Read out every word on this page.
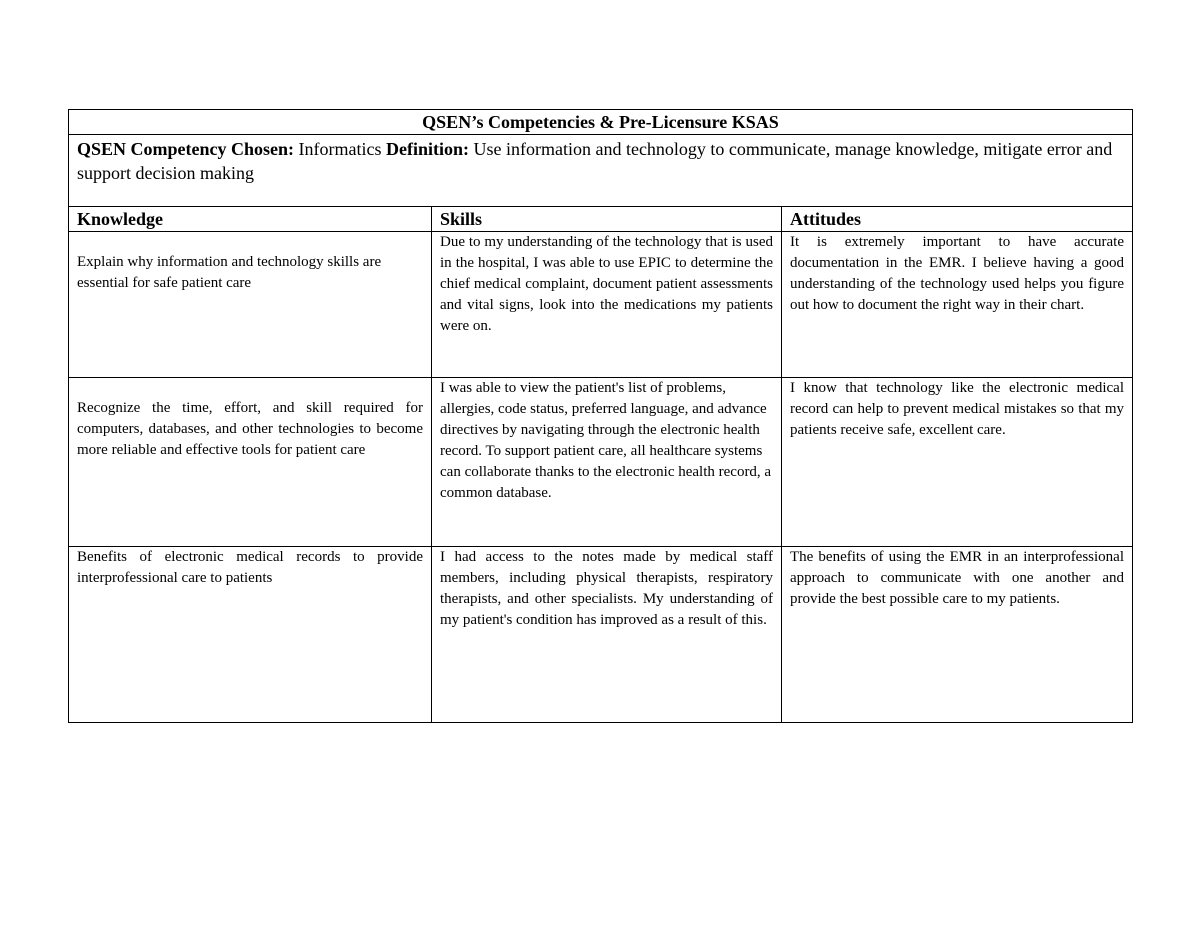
QSEN’s Competencies & Pre-Licensure KSAS		
QSEN Competency Chosen: Informatics Definition: Use information and technology to communicate, manage knowledge, mitigate error and support decision making		
Knowledge	Skills	Attitudes
Explain why information and technology skills are essential for safe patient care	Due to my understanding of the technology that is used in the hospital, I was able to use EPIC to determine the chief medical complaint, document patient assessments and vital signs, look into the medications my patients were on.	It is extremely important to have accurate documentation in the EMR. I believe having a good understanding of the technology used helps you figure out how to document the right way in their chart.
Recognize the time, effort, and skill required for computers, databases, and other technologies to become more reliable and effective tools for patient care	I was able to view the patient's list of problems, allergies, code status, preferred language, and advance directives by navigating through the electronic health record. To support patient care, all healthcare systems can collaborate thanks to the electronic health record, a common database.	I know that technology like the electronic medical record can help to prevent medical mistakes so that my patients receive safe, excellent care.
Benefits of electronic medical records to provide interprofessional care to patients	I had access to the notes made by medical staff members, including physical therapists, respiratory therapists, and other specialists. My understanding of my patient's condition has improved as a result of this.	The benefits of using the EMR in an interprofessional approach to communicate with one another and provide the best possible care to my patients.
